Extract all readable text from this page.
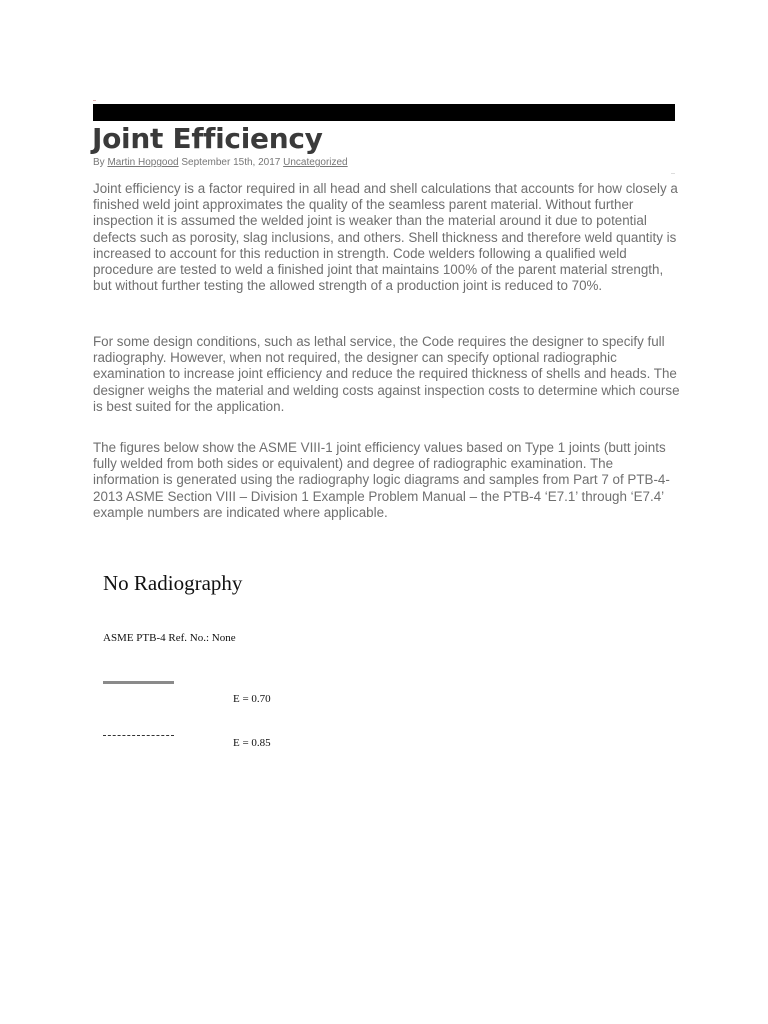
Joint Efficiency
By Martin Hopgood September 15th, 2017 Uncategorized

Joint efficiency is a factor required in all head and shell calculations that accounts for how closely a finished weld joint approximates the quality of the seamless parent material. Without further inspection it is assumed the welded joint is weaker than the material around it due to potential defects such as porosity, slag inclusions, and others. Shell thickness and therefore weld quantity is increased to account for this reduction in strength. Code welders following a qualified weld procedure are tested to weld a finished joint that maintains 100% of the parent material strength, but without further testing the allowed strength of a production joint is reduced to 70%.

For some design conditions, such as lethal service, the Code requires the designer to specify full radiography. However, when not required, the designer can specify optional radiographic examination to increase joint efficiency and reduce the required thickness of shells and heads. The designer weighs the material and welding costs against inspection costs to determine which course is best suited for the application.

The figures below show the ASME VIII-1 joint efficiency values based on Type 1 joints (butt joints fully welded from both sides or equivalent) and degree of radiographic examination. The information is generated using the radiography logic diagrams and samples from Part 7 of PTB-4-2013 ASME Section VIII – Division 1 Example Problem Manual – the PTB-4 ‘E7.1’ through ‘E7.4’ example numbers are indicated where applicable.

No Radiography
ASME PTB-4 Ref. No.: None
E = 0.70
E = 0.85
